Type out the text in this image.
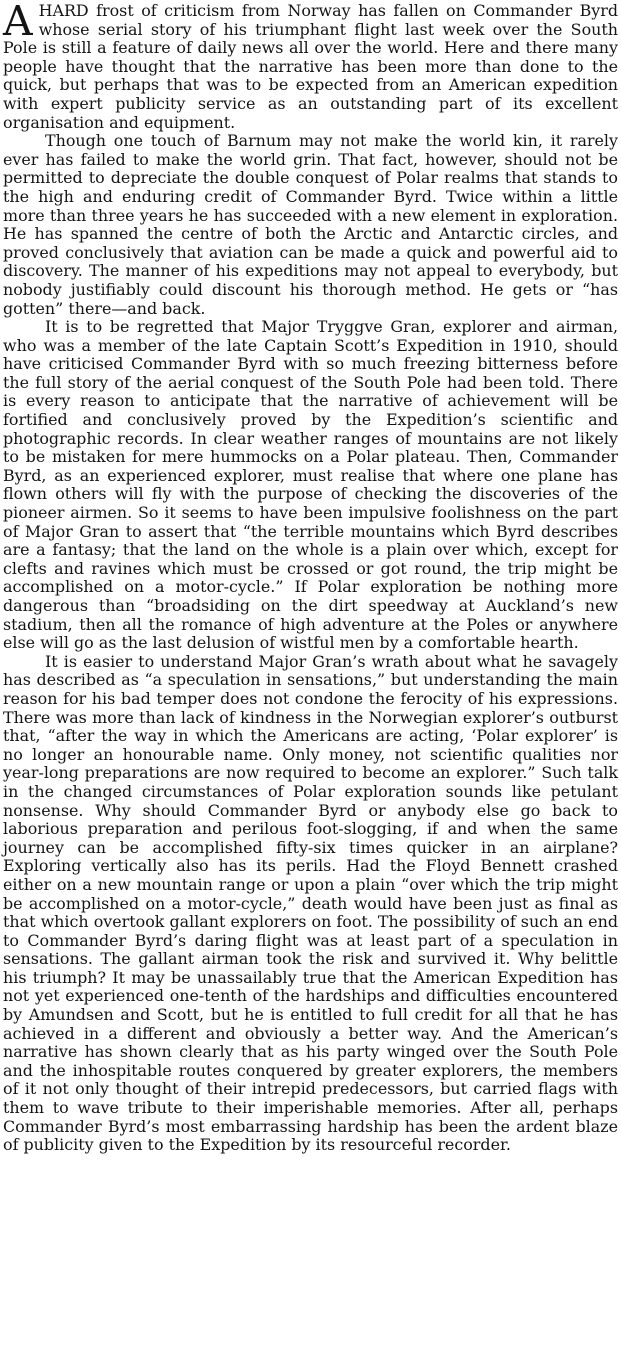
AHARD frost of criticism from Norway has fallen on Commander Byrd whose serial story of his triumphant flight last week over the South Pole is still a feature of daily news all over the world. Here and there many people have thought that the narrative has been more than done to the quick, but perhaps that was to be expected from an American expedition with expert publicity service as an outstanding part of its excellent organisation and equipment.

Though one touch of Barnum may not make the world kin, it rarely ever has failed to make the world grin. That fact, however, should not be permitted to depreciate the double conquest of Polar realms that stands to the high and enduring credit of Commander Byrd. Twice within a little more than three years he has succeeded with a new element in exploration. He has spanned the centre of both the Arctic and Antarctic circles, and proved conclusively that aviation can be made a quick and powerful aid to discovery. The manner of his expeditions may not appeal to everybody, but nobody justifiably could discount his thorough method. He gets or “has gotten” there—and back.

It is to be regretted that Major Tryggve Gran, explorer and airman, who was a member of the late Captain Scott’s Expedition in 1910, should have criticised Commander Byrd with so much freezing bitterness before the full story of the aerial conquest of the South Pole had been told. There is every reason to anticipate that the narrative of achievement will be fortified and conclusively proved by the Expedition’s scientific and photographic records. In clear weather ranges of mountains are not likely to be mistaken for mere hummocks on a Polar plateau. Then, Commander Byrd, as an experienced explorer, must realise that where one plane has flown others will fly with the purpose of checking the discoveries of the pioneer airmen. So it seems to have been impulsive foolishness on the part of Major Gran to assert that “the terrible mountains which Byrd describes are a fantasy; that the land on the whole is a plain over which, except for clefts and ravines which must be crossed or got round, the trip might be accomplished on a motor-cycle.” If Polar exploration be nothing more dangerous than “broadsiding on the dirt speedway at Auckland’s new stadium, then all the romance of high adventure at the Poles or anywhere else will go as the last delusion of wistful men by a comfortable hearth.

It is easier to understand Major Gran’s wrath about what he savagely has described as “a speculation in sensations,” but understanding the main reason for his bad temper does not condone the ferocity of his expressions. There was more than lack of kindness in the Norwegian explorer’s outburst that, “after the way in which the Americans are acting, ‘Polar explorer’ is no longer an honourable name. Only money, not scientific qualities nor year-long preparations are now required to become an explorer.” Such talk in the changed circumstances of Polar exploration sounds like petulant nonsense. Why should Commander Byrd or anybody else go back to laborious preparation and perilous foot-slogging, if and when the same journey can be accomplished fifty-six times quicker in an airplane? Exploring vertically also has its perils. Had the Floyd Bennett crashed either on a new mountain range or upon a plain “over which the trip might be accomplished on a motor-cycle,” death would have been just as final as that which overtook gallant explorers on foot. The possibility of such an end to Commander Byrd’s daring flight was at least part of a speculation in sensations. The gallant airman took the risk and survived it. Why belittle his triumph? It may be unassailably true that the American Expedition has not yet experienced one-tenth of the hardships and difficulties encountered by Amundsen and Scott, but he is entitled to full credit for all that he has achieved in a different and obviously a better way. And the American’s narrative has shown clearly that as his party winged over the South Pole and the inhospitable routes conquered by greater explorers, the members of it not only thought of their intrepid predecessors, but carried flags with them to wave tribute to their imperishable memories. After all, perhaps Commander Byrd’s most embarrassing hardship has been the ardent blaze of publicity given to the Expedition by its resourceful recorder.
